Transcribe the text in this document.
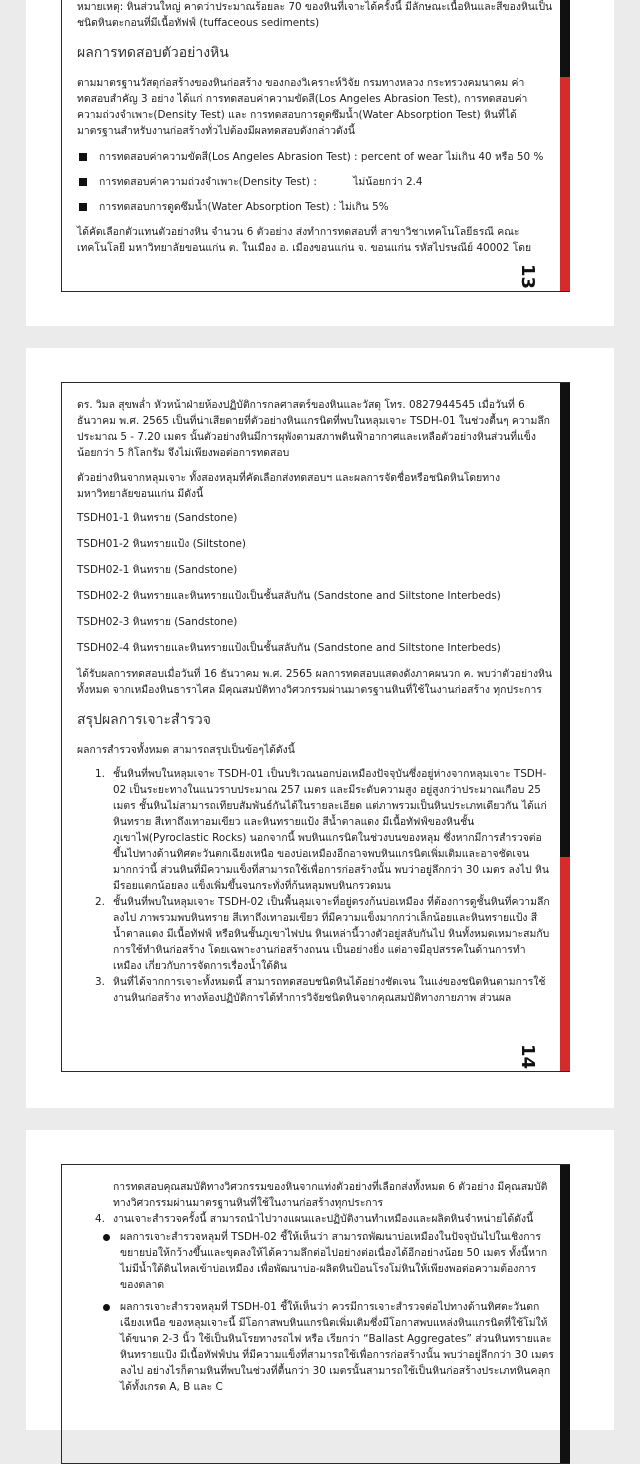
หมายเหตุ: หินส่วนใหญ่ คาดว่าประมาณร้อยละ 70 ของหินที่เจาะได้ครั้งนี้ มีลักษณะเนื้อหินและสีของหินเป็นชนิดหินตะกอนที่มีเนื้อทัฟฟ์ (tuffaceous sediments)

ผลการทดสอบตัวอย่างหิน

ตามมาตรฐานวัสดุก่อสร้างของหินก่อสร้าง ของกองวิเคราะห์วิจัย กรมทางหลวง กระทรวงคมนาคม ค่าทดสอบสำคัญ 3 อย่าง ได้แก่ การทดสอบค่าความขัดสี(Los Angeles Abrasion Test), การทดสอบค่าความถ่วงจำเพาะ(Density Test) และ การทดสอบการดูดซึมน้ำ(Water Absorption Test) หินที่ได้มาตรฐานสำหรับงานก่อสร้างทั่วไปต้องมีผลทดสอบดังกล่าวดังนี้

การทดสอบค่าความขัดสี(Los Angeles Abrasion Test) : percent of wear ไม่เกิน 40 หรือ 50 %
การทดสอบค่าความถ่วงจำเพาะ(Density Test) :           ไม่น้อยกว่า 2.4
การทดสอบการดูดซึมน้ำ(Water Absorption Test) : ไม่เกิน 5%

ได้คัดเลือกตัวแทนตัวอย่างหิน จำนวน 6 ตัวอย่าง ส่งทำการทดสอบที่ สาขาวิชาเทคโนโลยีธรณี คณะเทคโนโลยี มหาวิทยาลัยขอนแก่น ต. ในเมือง อ. เมืองขอนแก่น จ. ขอนแก่น รหัสไปรษณีย์ 40002 โดย

13

ดร. วิมล สุขพล่ำ หัวหน้าฝ่ายห้องปฏิบัติการกลศาสตร์ของหินและวัสดุ โทร. 0827944545 เมื่อวันที่ 6 ธันวาคม พ.ศ. 2565 เป็นที่น่าเสียดายที่ตัวอย่างหินแกรนิตที่พบในหลุมเจาะ TSDH-01 ในช่วงตื้นๆ ความลึกประมาณ 5 - 7.20 เมตร นั้นตัวอย่างหินมีการผุพังตามสภาพดินฟ้าอากาศและเหลือตัวอย่างหินส่วนที่แข็งน้อยกว่า 5 กิโลกรัม จึงไม่เพียงพอต่อการทดสอบ

ตัวอย่างหินจากหลุมเจาะ ทั้งสองหลุมที่คัดเลือกส่งทดสอบฯ และผลการจัดชื่อหรือชนิดหินโดยทาง มหาวิทยาลัยขอนแก่น มีดังนี้

TSDH01-1 หินทราย (Sandstone)

TSDH01-2 หินทรายแป้ง (Siltstone)

TSDH02-1 หินทราย (Sandstone)

TSDH02-2 หินทรายและหินทรายแป้งเป็นชั้นสลับกัน (Sandstone and Siltstone Interbeds)

TSDH02-3 หินทราย (Sandstone)

TSDH02-4 หินทรายและหินทรายแป้งเป็นชั้นสลับกัน (Sandstone and Siltstone Interbeds)

ได้รับผลการทดสอบเมื่อวันที่ 16 ธันวาคม พ.ศ. 2565 ผลการทดสอบแสดงดังภาคผนวก ค. พบว่าตัวอย่างหินทั้งหมด จากเหมืองหินธาราไศล มีคุณสมบัติทางวิศวกรรมผ่านมาตรฐานหินที่ใช้ในงานก่อสร้าง ทุกประการ

สรุปผลการเจาะสำรวจ

ผลการสำรวจทั้งหมด สามารถสรุปเป็นข้อๆได้ดังนี้

1. ชั้นหินที่พบในหลุมเจาะ TSDH-01 เป็นบริเวณนอกบ่อเหมืองปัจจุบันซึ่งอยู่ห่างจากหลุมเจาะ TSDH-02 เป็นระยะทางในแนวราบประมาณ 257 เมตร และมีระดับความสูง อยู่สูงกว่าประมาณเกือบ 25 เมตร ชั้นหินไม่สามารถเทียบสัมพันธ์กันได้ในรายละเอียด แต่ภาพรวมเป็นหินประเภทเดียวกัน ได้แก่ หินทราย สีเทาถึงเทาอมเขียว และหินทรายแป้ง สีน้ำตาลแดง มีเนื้อทัฟฟ์ของหินชั้นภูเขาไฟ(Pyroclastic Rocks) นอกจากนี้ พบหินแกรนิตในช่วงบนของหลุม ซึ่งหากมีการสำรวจต่อขึ้นไปทางด้านทิศตะวันตกเฉียงเหนือ ของบ่อเหมืองอีกอาจพบหินแกรนิตเพิ่มเติมและอาจชัดเจนมากกว่านี้ ส่วนหินที่มีความแข็งที่สามารถใช้เพื่อการก่อสร้างนั้น พบว่าอยู่ลึกกว่า 30 เมตร ลงไป หินมีรอยแตกน้อยลง แข็งเพิ่มขึ้นจนกระทั่งที่ก้นหลุมพบหินกรวดมน
2. ชั้นหินที่พบในหลุมเจาะ TSDH-02 เป็นพื้นลุมเจาะที่อยู่ตรงก้นบ่อเหมือง ที่ต้องการดูชั้นหินที่ความลึกลงไป ภาพรวมพบหินทราย สีเทาถึงเทาอมเขียว ที่มีความแข็งมากกว่าเล็กน้อยและหินทรายแป้ง สีน้ำตาลแดง มีเนื้อทัฟฟ์ หรือหินชั้นภูเขาไฟปน หินเหล่านี้วางตัวอยู่สลับกันไป หินทั้งหมดเหมาะสมกับการใช้ทำหินก่อสร้าง โดยเฉพาะงานก่อสร้างถนน เป็นอย่างยิ่ง แต่อาจมีอุปสรรคในด้านการทำเหมือง เกี่ยวกับการจัดการเรื่องน้ำใต้ดิน
3. หินที่ได้จากการเจาะทั้งหมดนี้ สามารถทดสอบชนิดหินได้อย่างชัดเจน ในแง่ของชนิดหินตามการใช้งานหินก่อสร้าง ทางห้องปฏิบัติการได้ทำการวิจัยชนิดหินจากคุณสมบัติทางกายภาพ ส่วนผล
14

การทดสอบคุณสมบัติทางวิศวกรรมของหินจากแท่งตัวอย่างที่เลือกส่งทั้งหมด 6 ตัวอย่าง มีคุณสมบัติทางวิศวกรรมผ่านมาตรฐานหินที่ใช้ในงานก่อสร้างทุกประการ

4. งานเจาะสำรวจครั้งนี้ สามารถนำไปวางแผนและปฏิบัติงานทำเหมืองและผลิตหินจำหน่ายได้ดังนี้
ผลการเจาะสำรวจหลุมที่ TSDH-02 ชี้ให้เห็นว่า สามารถพัฒนาบ่อเหมืองในปัจจุบันไปในเชิงการขยายบ่อให้กว้างขึ้นและขุดลงให้ได้ความลึกต่อไปอย่างต่อเนื่องได้อีกอย่างน้อย 50 เมตร ทั้งนี้หากไม่มีน้ำใต้ดินไหลเข้าบ่อเหมือง เพื่อพัฒนาบ่อ-ผลิตหินป้อนโรงโม่หินให้เพียงพอต่อความต้องการของตลาด
ผลการเจาะสำรวจหลุมที่ TSDH-01 ชี้ให้เห็นว่า ควรมีการเจาะสำรวจต่อไปทางด้านทิศตะวันตกเฉียงเหนือ ของหลุมเจาะนี้ มีโอกาสพบหินแกรนิตเพิ่มเติมซึ่งมีโอกาสพบแหล่งหินแกรนิตที่ใช้โม่ให้ได้ขนาด 2-3 นิ้ว ใช้เป็นหินโรยทางรถไฟ หรือ เรียกว่า “Ballast Aggregates” ส่วนหินทรายและหินทรายแป้ง มีเนื้อทัฟฟ์ปน ที่มีความแข็งที่สามารถใช้เพื่อการก่อสร้างนั้น พบว่าอยู่ลึกกว่า 30 เมตรลงไป อย่างไรก็ตามหินที่พบในช่วงที่ตื้นกว่า 30 เมตรนั้นสามารถใช้เป็นหินก่อสร้างประเภทหินคลุกได้ทั้งเกรด A, B และ C
